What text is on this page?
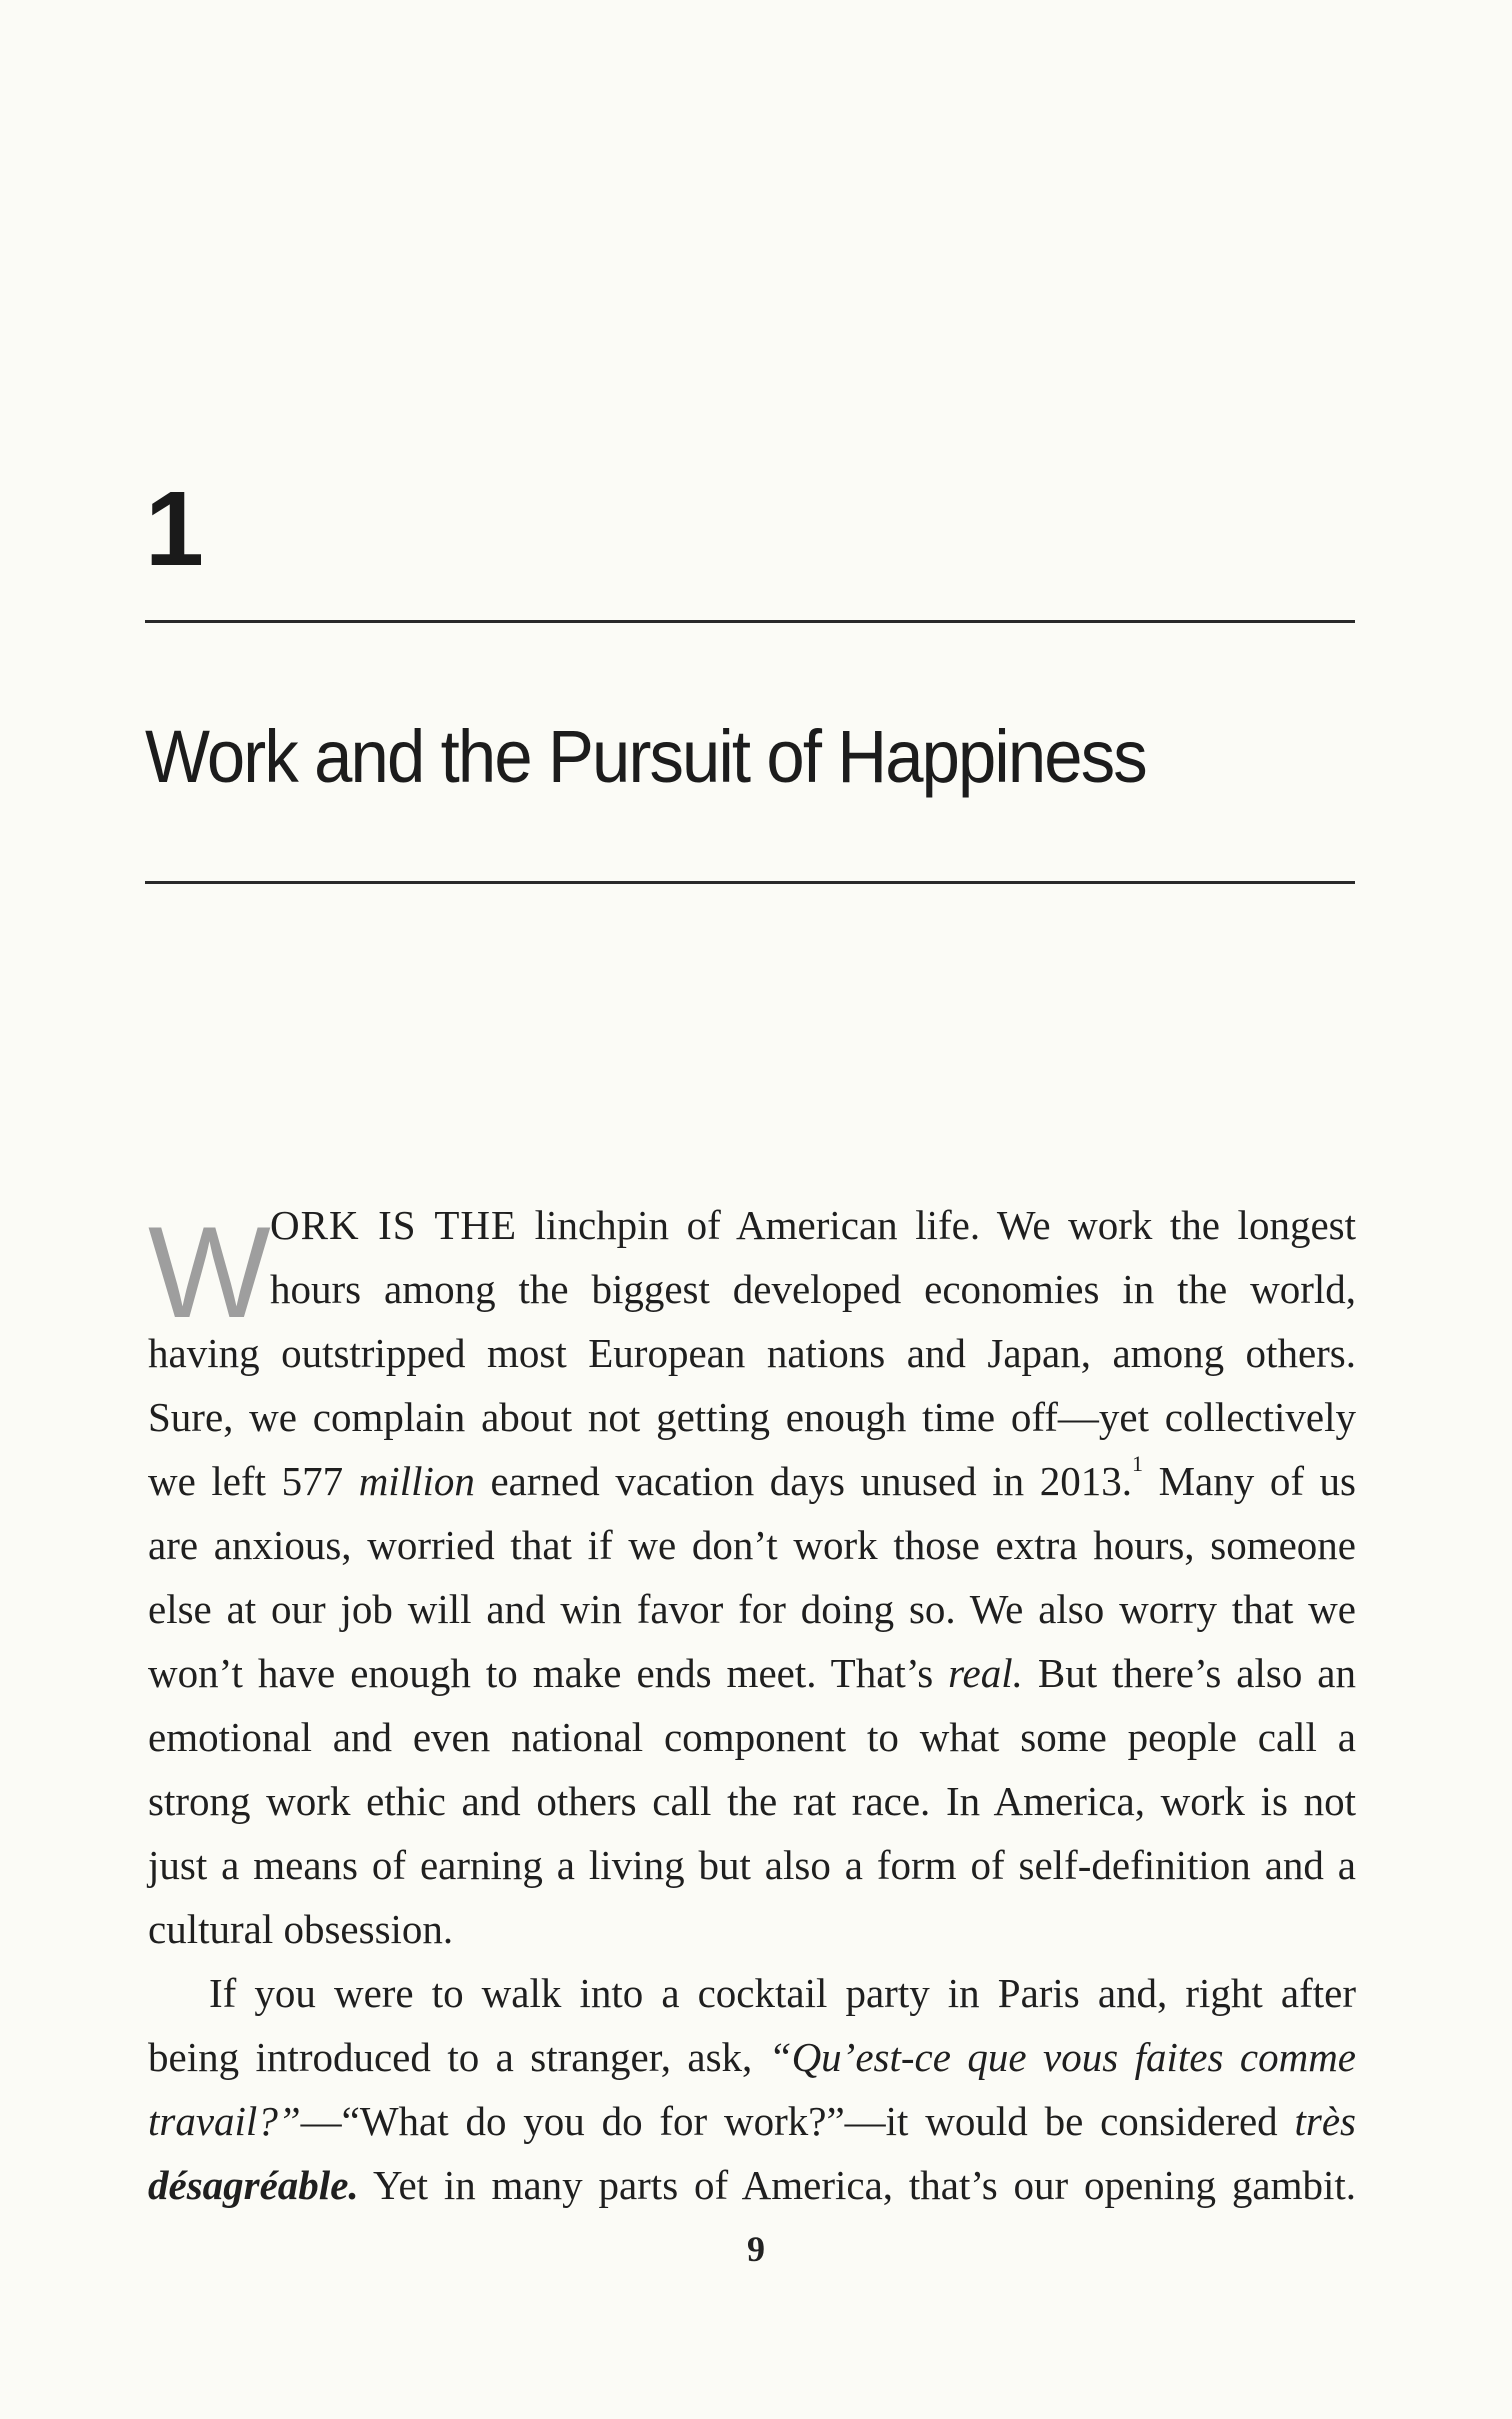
1
Work and the Pursuit of Happiness
W ORK IS THE linchpin of American life. We work the longest
hours among the biggest developed economies in the world,
having outstripped most European nations and Japan, among others.
Sure, we complain about not getting enough time off—yet collectively
we left 577 million earned vacation days unused in 2013.$^1$ Many of us
are anxious, worried that if we don’t work those extra hours, someone
else at our job will and win favor for doing so. We also worry that we
won’t have enough to make ends meet. That’s real. But there’s also an
emotional and even national component to what some people call a
strong work ethic and others call the rat race. In America, work is not
just a means of earning a living but also a form of self-definition and a
cultural obsession.
If you were to walk into a cocktail party in Paris and, right after
being introduced to a stranger, ask, “Qu’est-ce que vous faites comme
travail?”—“What do you do for work?”—it would be considered très
désagréable. Yet in many parts of America, that’s our opening gambit.
9
